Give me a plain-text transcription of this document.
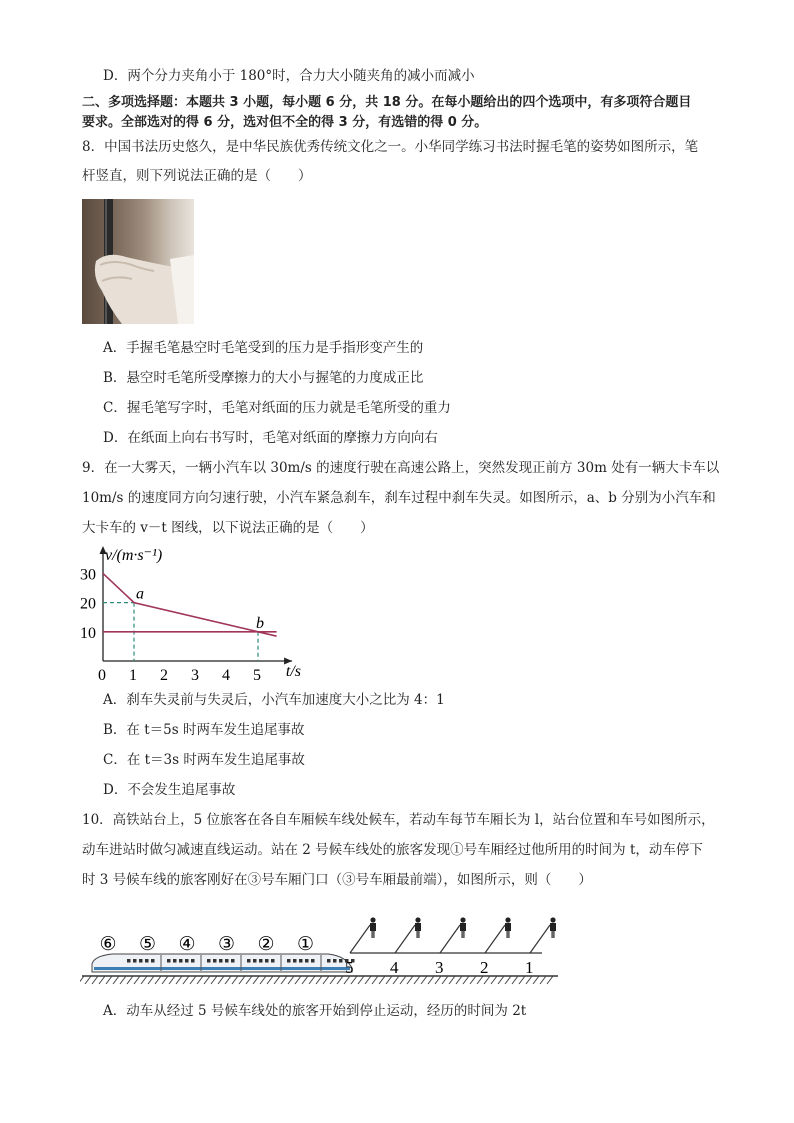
D．两个分力夹角小于 180°时，合力大小随夹角的减小而减小
二、多项选择题：本题共 3 小题，每小题 6 分，共 18 分。在每小题给出的四个选项中，有多项符合题目
要求。全部选对的得 6 分，选对但不全的得 3 分，有选错的得 0 分。
8．中国书法历史悠久，是中华民族优秀传统文化之一。小华同学练习书法时握毛笔的姿势如图所示，笔
杆竖直，则下列说法正确的是（　　）
A．手握毛笔悬空时毛笔受到的压力是手指形变产生的
B．悬空时毛笔所受摩擦力的大小与握笔的力度成正比
C．握毛笔写字时，毛笔对纸面的压力就是毛笔所受的重力
D．在纸面上向右书写时，毛笔对纸面的摩擦力方向向右
9．在一大雾天，一辆小汽车以 30m/s 的速度行驶在高速公路上，突然发现正前方 30m 处有一辆大卡车以
10m/s 的速度同方向匀速行驶，小汽车紧急刹车，刹车过程中刹车失灵。如图所示，a、b 分别为小汽车和
大卡车的 v－t 图线，以下说法正确的是（　　）
v/(m·s⁻¹)
t/s
0 1 2 3 4 5
10
20
30
a
b
A．刹车失灵前与失灵后，小汽车加速度大小之比为 4：1
B．在 t＝5s 时两车发生追尾事故
C．在 t＝3s 时两车发生追尾事故
D．不会发生追尾事故
10．高铁站台上，5 位旅客在各自车厢候车线处候车，若动车每节车厢长为 l，站台位置和车号如图所示，
动车进站时做匀减速直线运动。站在 2 号候车线处的旅客发现①号车厢经过他所用的时间为 t，动车停下
时 3 号候车线的旅客刚好在③号车厢门口（③号车厢最前端），如图所示，则（　　）
⑥ ⑤ ④ ③ ② ①
5 4 3 2 1
A．动车从经过 5 号候车线处的旅客开始到停止运动，经历的时间为 2t
